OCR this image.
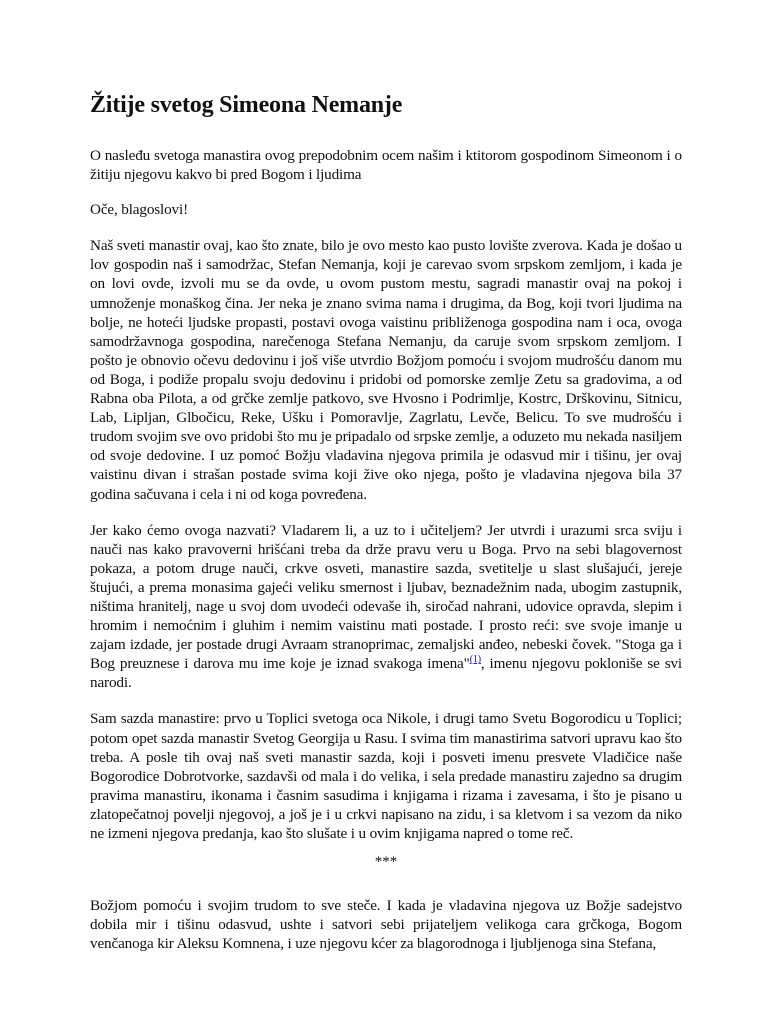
Žitije svetog Simeona Nemanje

O nasleđu svetoga manastira ovog prepodobnim ocem našim i ktitorom gospodinom Simeonom i o žitiju njegovu kakvo bi pred Bogom i ljudima

Oče, blagoslovi!

Naš sveti manastir ovaj, kao što znate, bilo je ovo mesto kao pusto lovište zverova. Kada je došao u lov gospodin naš i samodržac, Stefan Nemanja, koji je carevao svom srpskom zemljom, i kada je on lovi ovde, izvoli mu se da ovde, u ovom pustom mestu, sagradi manastir ovaj na pokoj i umnoženje monaškog čina. Jer neka je znano svima nama i drugima, da Bog, koji tvori ljudima na bolje, ne hoteći ljudske propasti, postavi ovoga vaistinu približenoga gospodina nam i oca, ovoga samodržavnoga gospodina, narečenoga Stefana Nemanju, da caruje svom srpskom zemljom. I pošto je obnovio očevu dedovinu i još više utvrdio Božjom pomoću i svojom mudrošću danom mu od Boga, i podiže propalu svoju dedovinu i pridobi od pomorske zemlje Zetu sa gradovima, a od Rabna oba Pilota, a od grčke zemlje patkovo, sve Hvosno i Podrimlje, Kostrc, Drškovinu, Sitnicu, Lab, Lipljan, Glbočicu, Reke, Ušku i Pomoravlje, Zagrlatu, Levče, Belicu. To sve mudrošću i trudom svojim sve ovo pridobi što mu je pripadalo od srpske zemlje, a oduzeto mu nekada nasiljem od svoje dedovine. I uz pomoć Božju vladavina njegova primila je odasvud mir i tišinu, jer ovaj vaistinu divan i strašan postade svima koji žive oko njega, pošto je vladavina njegova bila 37 godina sačuvana i cela i ni od koga povređena.

Jer kako ćemo ovoga nazvati? Vladarem li, a uz to i učiteljem? Jer utvrdi i urazumi srca sviju i nauči nas kako pravoverni hrišćani treba da drže pravu veru u Boga. Prvo na sebi blagovernost pokaza, a potom druge nauči, crkve osveti, manastire sazda, svetitelje u slast slušajući, jereje štujući, a prema monasima gajeći veliku smernost i ljubav, beznadežnim nada, ubogim zastupnik, ništima hranitelj, nage u svoj dom uvodeći odevaše ih, siročad nahrani, udovice opravda, slepim i hromim i nemoćnim i gluhim i nemim vaistinu mati postade. I prosto reći: sve svoje imanje u zajam izdade, jer postade drugi Avraam stranoprimac, zemaljski anđeo, nebeski čovek. "Stoga ga i Bog preuznese i darova mu ime koje je iznad svakoga imena"$^{(1)}$, imenu njegovu pokloniše se svi narodi.

Sam sazda manastire: prvo u Toplici svetoga oca Nikole, i drugi tamo Svetu Bogorodicu u Toplici; potom opet sazda manastir Svetog Georgija u Rasu. I svima tim manastirima satvori upravu kao što treba. A posle tih ovaj naš sveti manastir sazda, koji i posveti imenu presvete Vladičice naše Bogorodice Dobrotvorke, sazdavši od mala i do velika, i sela predade manastiru zajedno sa drugim pravima manastiru, ikonama i časnim sasudima i knjigama i rizama i zavesama, i što je pisano u zlatopečatnoj povelji njegovoj, a još je i u crkvi napisano na zidu, i sa kletvom i sa vezom da niko ne izmeni njegova predanja, kao što slušate i u ovim knjigama napred o tome reč.

***

Božjom pomoću i svojim trudom to sve steče. I kada je vladavina njegova uz Božje sadejstvo dobila mir i tišinu odasvud, ushte i satvori sebi prijateljem velikoga cara grčkoga, Bogom venčanoga kir Aleksu Komnena, i uze njegovu kćer za blagorodnoga i ljubljenoga sina Stefana,
